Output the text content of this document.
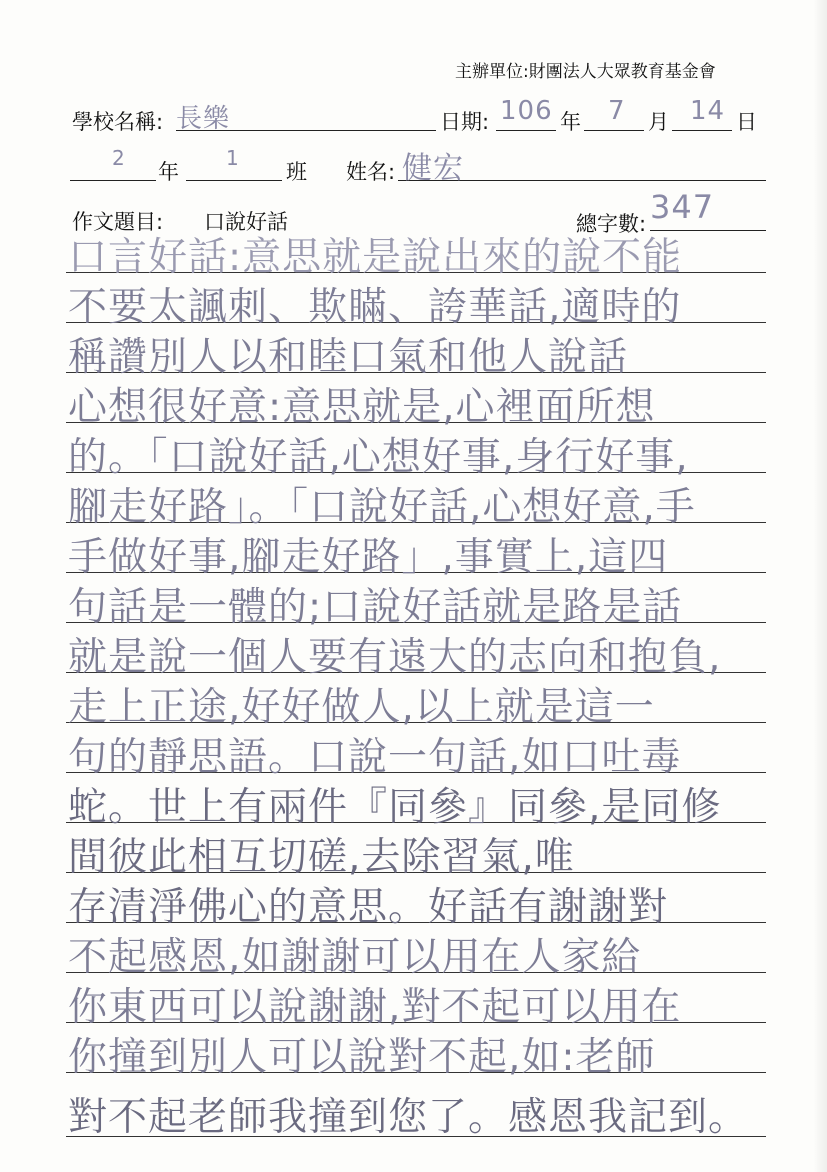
主辦單位:財團法人大眾教育基金會
學校名稱: 長樂	日期: 106 年 7 月 14 日
2
年
1
班 姓名: 健宏
作文題目: 口說好話	總字數: 347
口言好話:意思就是說出來的說不能
不要太諷刺、欺瞞、誇華話,適時的
稱讚別人以和睦口氣和他人說話
心想很好意:意思就是,心裡面所想
的。「口說好話,心想好事,身行好事,
腳走好路」。「口說好話,心想好意,手
手做好事,腳走好路」,事實上,這四
句話是一體的;口說好話就是路是話
就是說一個人要有遠大的志向和抱負,
走上正途,好好做人,以上就是這一
句的靜思語。口說一句話,如口吐毒
蛇。世上有兩件『同參』同參,是同修
間彼此相互切磋,去除習氣,唯
存清淨佛心的意思。好話有謝謝對
不起感恩,如謝謝可以用在人家給
你東西可以說謝謝,對不起可以用在
你撞到別人可以說對不起,如:老師
對不起老師我撞到您了。感恩我記到。
